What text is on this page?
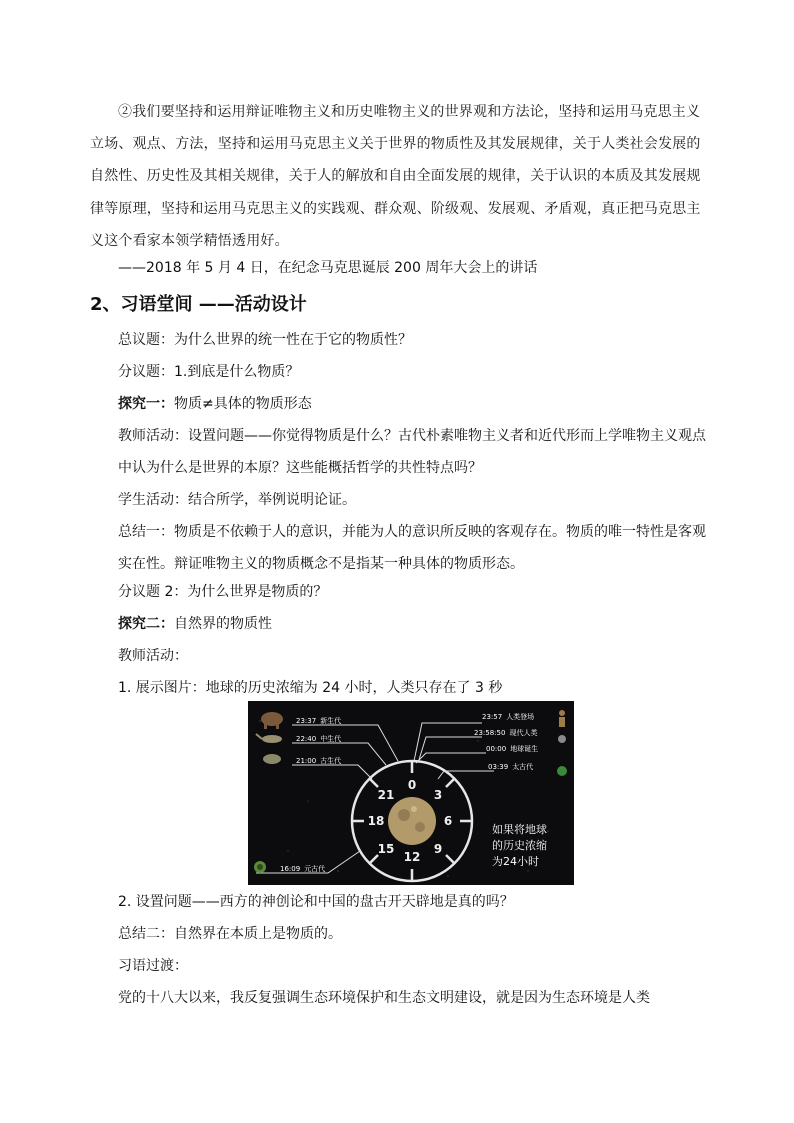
②我们要坚持和运用辩证唯物主义和历史唯物主义的世界观和方法论，坚持和运用马克思主义

立场、观点、方法，坚持和运用马克思主义关于世界的物质性及其发展规律，关于人类社会发展的

自然性、历史性及其相关规律，关于人的解放和自由全面发展的规律，关于认识的本质及其发展规

律等原理，坚持和运用马克思主义的实践观、群众观、阶级观、发展观、矛盾观，真正把马克思主

义这个看家本领学精悟透用好。

——2018 年 5 月 4 日，在纪念马克思诞辰 200 周年大会上的讲话
2、习语堂间 ——活动设计
总议题：为什么世界的统一性在于它的物质性？
分议题：1.到底是什么物质？
探究一：物质≠具体的物质形态

教师活动：设置问题——你觉得物质是什么？古代朴素唯物主义者和近代形而上学唯物主义观点中认为什么是世界的本原？这些能概括哲学的共性特点吗？

学生活动：结合所学，举例说明论证。

总结一：物质是不依赖于人的意识，并能为人的意识所反映的客观存在。物质的唯一特性是客观实在性。辩证唯物主义的物质概念不是指某一种具体的物质形态。

分议题 2：为什么世界是物质的？
探究二：自然界的物质性
教师活动：
1. 展示图片：地球的历史浓缩为 24 小时，人类只存在了 3 秒
0
3
6
9
12
15
18
21
23:37 新生代
22:40 中生代
21:00 古生代
16:09 元古代
23:57 人类登场
23:58:50 现代人类
00:00 地球诞生
03:39 太古代
如果将地球
的历史浓缩
为24小时
2. 设置问题——西方的神创论和中国的盘古开天辟地是真的吗？
总结二：自然界在本质上是物质的。
习语过渡：
党的十八大以来，我反复强调生态环境保护和生态文明建设，就是因为生态环境是人类
